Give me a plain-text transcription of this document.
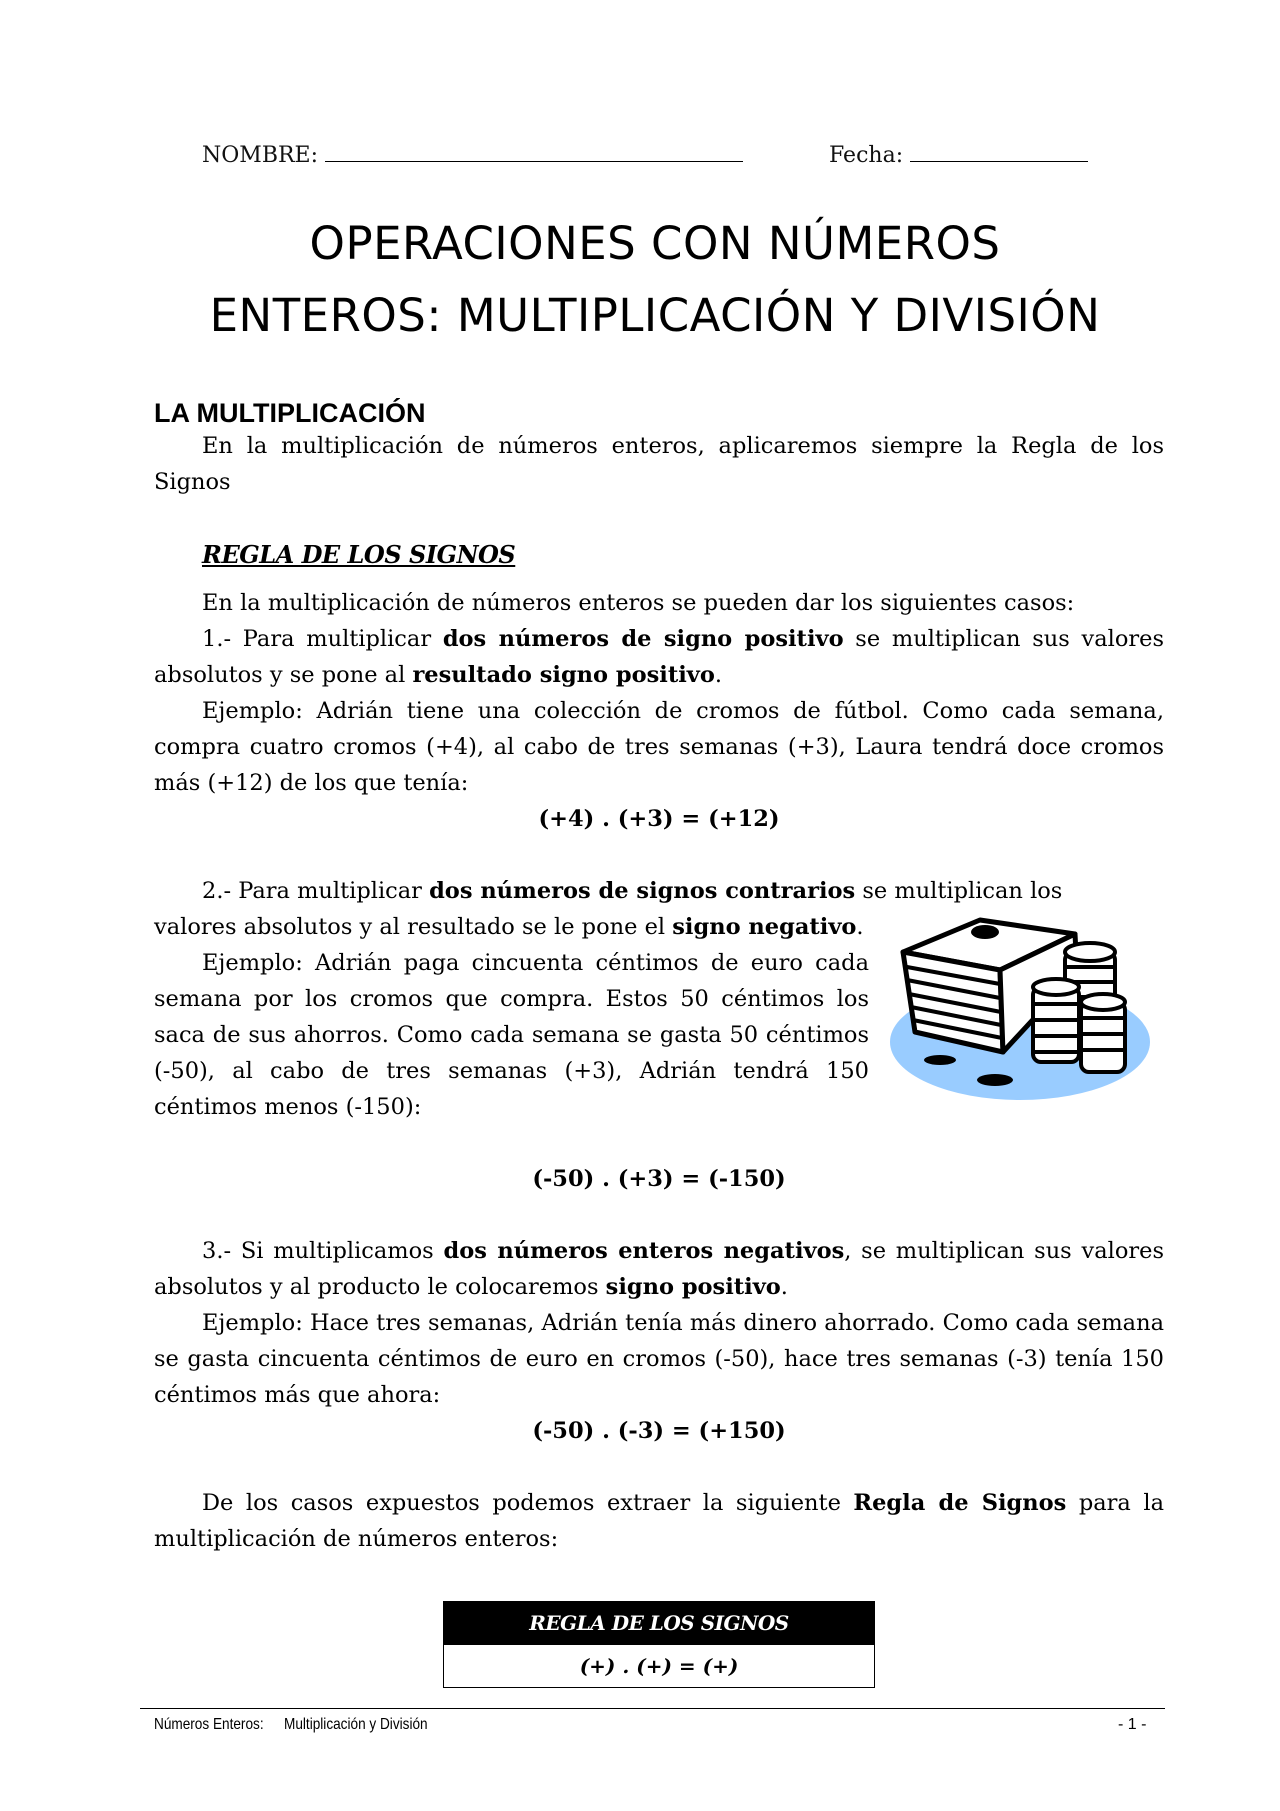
NOMBRE:	Fecha:
OPERACIONES CON NÚMEROS
ENTEROS: MULTIPLICACIÓN Y DIVISIÓN
LA MULTIPLICACIÓN

En la multiplicación de números enteros, aplicaremos siempre la Regla de los Signos

REGLA DE LOS SIGNOS

En la multiplicación de números enteros se pueden dar los siguientes casos:

1.- Para multiplicar dos números de signo positivo se multiplican sus valores absolutos y se pone al resultado signo positivo.

Ejemplo: Adrián tiene una colección de cromos de fútbol. Como cada semana, compra cuatro cromos (+4), al cabo de tres semanas (+3), Laura tendrá doce cromos más (+12) de los que tenía:

(+4) . (+3) = (+12)

2.- Para multiplicar dos números de signos contrarios se multiplican los

valores absolutos y al resultado se le pone el signo negativo.

Ejemplo: Adrián paga cincuenta céntimos de euro cada semana por los cromos que compra. Estos 50 céntimos los saca de sus ahorros. Como cada semana se gasta 50 céntimos (-50), al cabo de tres semanas (+3), Adrián tendrá 150 céntimos menos (-150):

(-50) . (+3) = (-150)

3.- Si multiplicamos dos números enteros negativos, se multiplican sus valores absolutos y al producto le colocaremos signo positivo.

Ejemplo: Hace tres semanas, Adrián tenía más dinero ahorrado. Como cada semana se gasta cincuenta céntimos de euro en cromos (-50), hace tres semanas (-3) tenía 150 céntimos más que ahora:

(-50) . (-3) = (+150)

De los casos expuestos podemos extraer la siguiente Regla de Signos para la multiplicación de números enteros:

REGLA DE LOS SIGNOS
(+) . (+) = (+)
Números Enteros: Multiplicación y División	- 1 -
